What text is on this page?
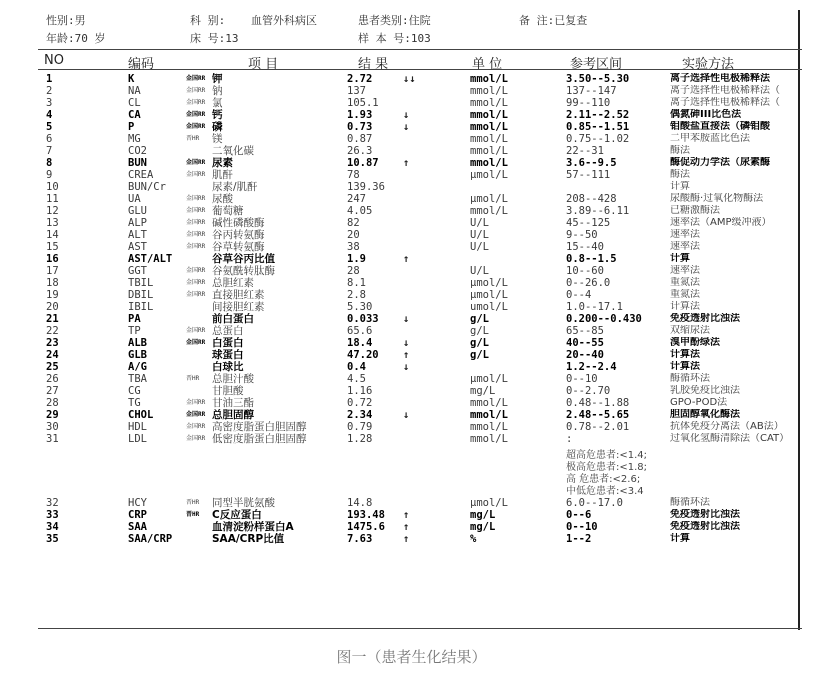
性别:男
年龄:70 岁
科 别: 血管外科病区
床 号:13
患者类别:住院
样 本 号:103
备 注:已复查
NO	编码	项 目	结 果	单 位	参考区间	实验方法
1	K	金国RR 钾	2.72	↓↓	mmol/L	3.50--5.30	离子选择性电极稀释法
2	NA	金国RR 钠	137	mmol/L	137--147	离子选择性电极稀释法（
3	CL	金国RR 氯	105.1	mmol/L	99--110	离子选择性电极稀释法（
4	CA	金国RR 钙	1.93	↓	mmol/L	2.11--2.52	偶氮砷III比色法
5	P	金国RR 磷	0.73	↓	mmol/L	0.85--1.51	钼酸盐直接法（磷钼酸
6	MG	晋HR	镁	0.87	mmol/L	0.75--1.02	二甲苯胺蓝比色法
7	CO2	二氧化碳	26.3	mmol/L	22--31	酶法
8	BUN	金国RR 尿素	10.87	↑	mmol/L	3.6--9.5	酶促动力学法（尿素酶
9	CREA	金国RR 肌酐	78	μmol/L	57--111	酶法
10	BUN/Cr	尿素/肌酐	139.36	计算
11	UA	金国RR 尿酸	247	μmol/L	208--428	尿酸酶·过氧化物酶法
12	GLU	金国RR 葡萄糖	4.05	mmol/L	3.89--6.11	已糖激酶法
13	ALP	金国RR 碱性磷酸酶	82	U/L	45--125	速率法（AMP缓冲液）
14	ALT	金国RR 谷丙转氨酶	20	U/L	9--50	速率法
15	AST	金国RR 谷草转氨酶	38	U/L	15--40	速率法
16	AST/ALT	谷草谷丙比值	1.9	↑	0.8--1.5	计算
17	GGT	金国RR 谷氨酰转肽酶	28	U/L	10--60	速率法
18	TBIL	金国RR 总胆红素	8.1	μmol/L	0--26.0	重氮法
19	DBIL	金国RR 直接胆红素	2.8	μmol/L	0--4	重氮法
20	IBIL	间接胆红素	5.30	umol/L	1.0--17.1	计算法
21	PA	前白蛋白	0.033	↓	g/L	0.200--0.430	免疫透射比浊法
22	TP	金国RR 总蛋白	65.6	g/L	65--85	双缩尿法
23	ALB	金国RR 白蛋白	18.4	↓	g/L	40--55	溴甲酚绿法
24	GLB	球蛋白	47.20	↑	g/L	20--40	计算法
25	A/G	白球比	0.4	↓	1.2--2.4	计算法
26	TBA	晋HR	总胆汁酸	4.5	μmol/L	0--10	酶循环法
27	CG	甘胆酸	1.16	mg/L	0--2.70	乳胶免疫比浊法
28	TG	金国RR 甘油三酯	0.72	mmol/L	0.48--1.88	GPO-POD法
29	CHOL	金国RR 总胆固醇	2.34	↓	mmol/L	2.48--5.65	胆固醇氧化酶法
30	HDL	金国RR 高密度脂蛋白胆固醇	0.79	mmol/L	0.78--2.01	抗体免疫分离法（AB法）
31	LDL	金国RR 低密度脂蛋白胆固醇	1.28	mmol/L	:	过氧化氢酶清除法（CAT）
32	HCY	晋HR	同型半胱氨酸	14.8	μmol/L	6.0--17.0	酶循环法
33	CRP	晋HR	C反应蛋白	193.48	↑	mg/L	0--6	免疫透射比浊法
34	SAA	血清淀粉样蛋白A	1475.6	↑	mg/L	0--10	免疫透射比浊法
35	SAA/CRP	SAA/CRP比值	7.63	↑	%	1--2	计算
超高危患者:<1.4;
极高危患者:<1.8;
高 危患者:<2.6;
中低危患者:<3.4
图一（患者生化结果）
